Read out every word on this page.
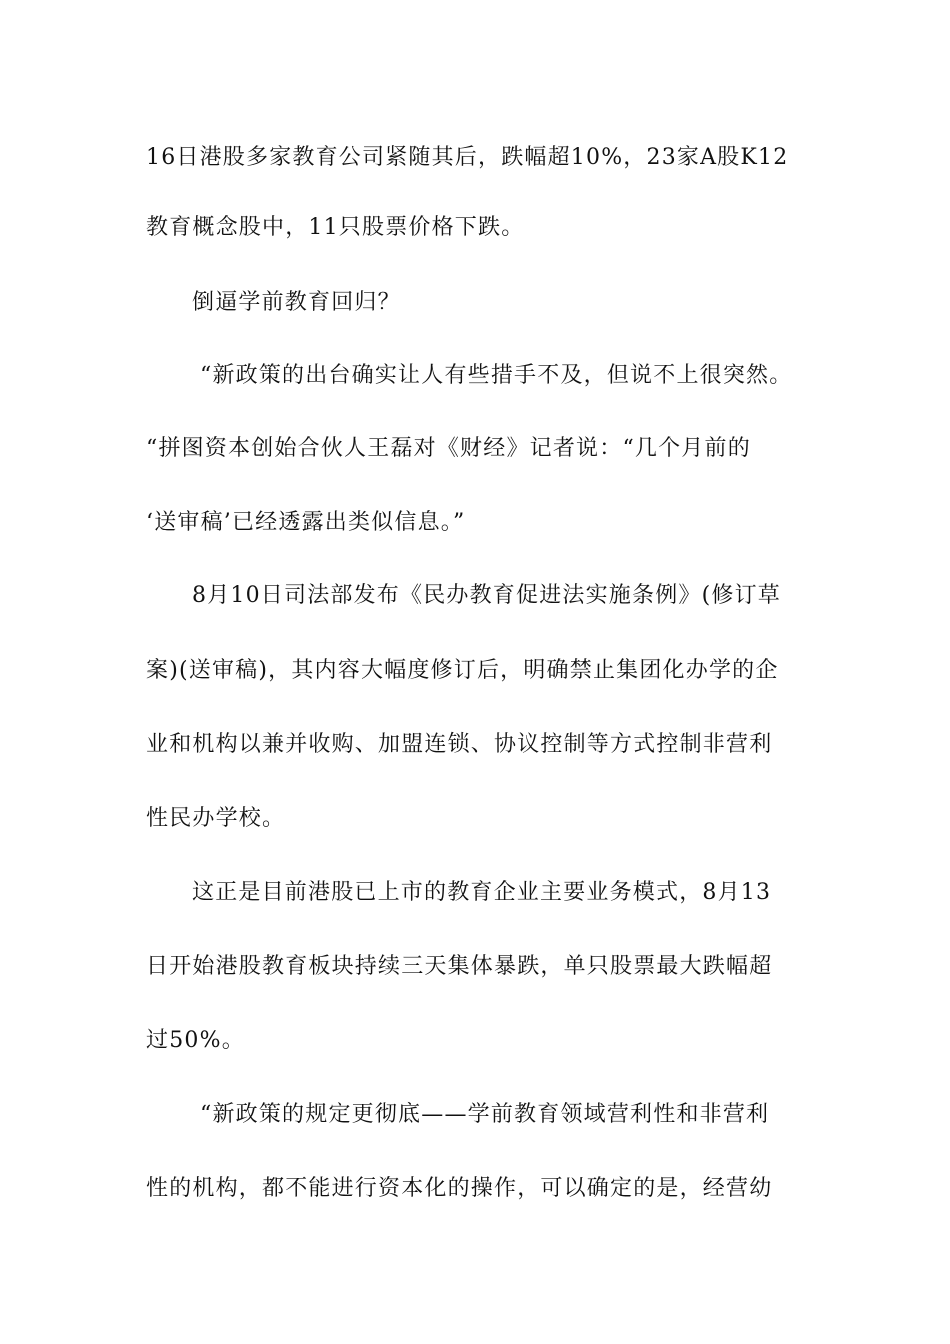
16日港股多家教育公司紧随其后，跌幅超10%，23家A股K12
教育概念股中，11只股票价格下跌。
倒逼学前教育回归？
“新政策的出台确实让人有些措手不及，但说不上很突然。
“拼图资本创始合伙人王磊对《财经》记者说：“几个月前的
‘送审稿’已经透露出类似信息。”
8月10日司法部发布《民办教育促进法实施条例》(修订草
案)(送审稿)，其内容大幅度修订后，明确禁止集团化办学的企
业和机构以兼并收购、加盟连锁、协议控制等方式控制非营利
性民办学校。
这正是目前港股已上市的教育企业主要业务模式，8月13
日开始港股教育板块持续三天集体暴跌，单只股票最大跌幅超
过50%。
“新政策的规定更彻底——学前教育领域营利性和非营利
性的机构，都不能进行资本化的操作，可以确定的是，经营幼
